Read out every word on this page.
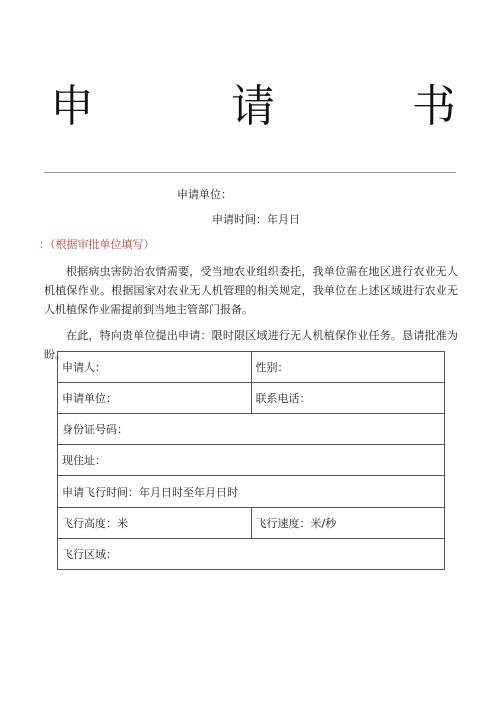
申	请	书
申请单位：
申请时间：年月日
：（根据审批单位填写）
根据病虫害防治农情需要，受当地农业组织委托，我单位需在地区进行农业无人机植保作业。根据国家对农业无人机管理的相关规定，我单位在上述区域进行农业无人机植保作业需提前到当地主管部门报备。
在此，特向贵单位提出申请：限时限区域进行无人机植保作业任务。恳请批准为盼。
申请人：	性别：
申请单位：	联系电话：
身份证号码：	
现住址：	
申请飞行时间：年月日时至年月日时	
飞行高度：米	飞行速度：米/秒
飞行区域：	
